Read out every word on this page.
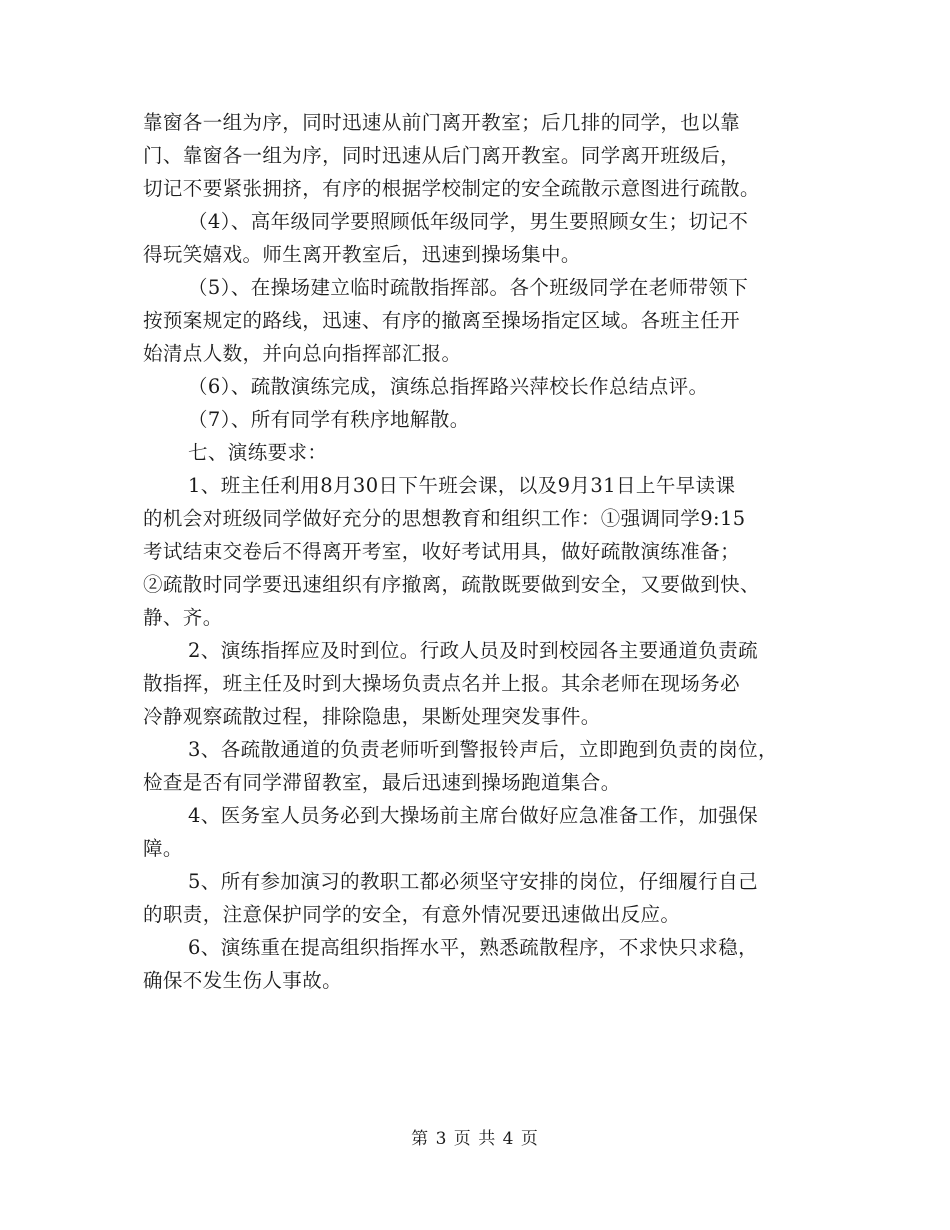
靠窗各一组为序，同时迅速从前门离开教室；后几排的同学，也以靠
门、靠窗各一组为序，同时迅速从后门离开教室。同学离开班级后，
切记不要紧张拥挤，有序的根据学校制定的安全疏散示意图进行疏散。
（4）、高年级同学要照顾低年级同学，男生要照顾女生；切记不
得玩笑嬉戏。师生离开教室后，迅速到操场集中。
（5）、在操场建立临时疏散指挥部。各个班级同学在老师带领下
按预案规定的路线，迅速、有序的撤离至操场指定区域。各班主任开
始清点人数，并向总向指挥部汇报。
（6）、疏散演练完成，演练总指挥路兴萍校长作总结点评。
（7）、所有同学有秩序地解散。
七、演练要求：
1、班主任利用8月30日下午班会课，以及9月31日上午早读课
的机会对班级同学做好充分的思想教育和组织工作：①强调同学9:15
考试结束交卷后不得离开考室，收好考试用具，做好疏散演练准备；
②疏散时同学要迅速组织有序撤离，疏散既要做到安全，又要做到快、
静、齐。
2、演练指挥应及时到位。行政人员及时到校园各主要通道负责疏
散指挥，班主任及时到大操场负责点名并上报。其余老师在现场务必
冷静观察疏散过程，排除隐患，果断处理突发事件。
3、各疏散通道的负责老师听到警报铃声后，立即跑到负责的岗位，
检查是否有同学滞留教室，最后迅速到操场跑道集合。
4、医务室人员务必到大操场前主席台做好应急准备工作，加强保
障。
5、所有参加演习的教职工都必须坚守安排的岗位，仔细履行自己
的职责，注意保护同学的安全，有意外情况要迅速做出反应。
6、演练重在提高组织指挥水平，熟悉疏散程序，不求快只求稳，
确保不发生伤人事故。
第 3 页 共 4 页
